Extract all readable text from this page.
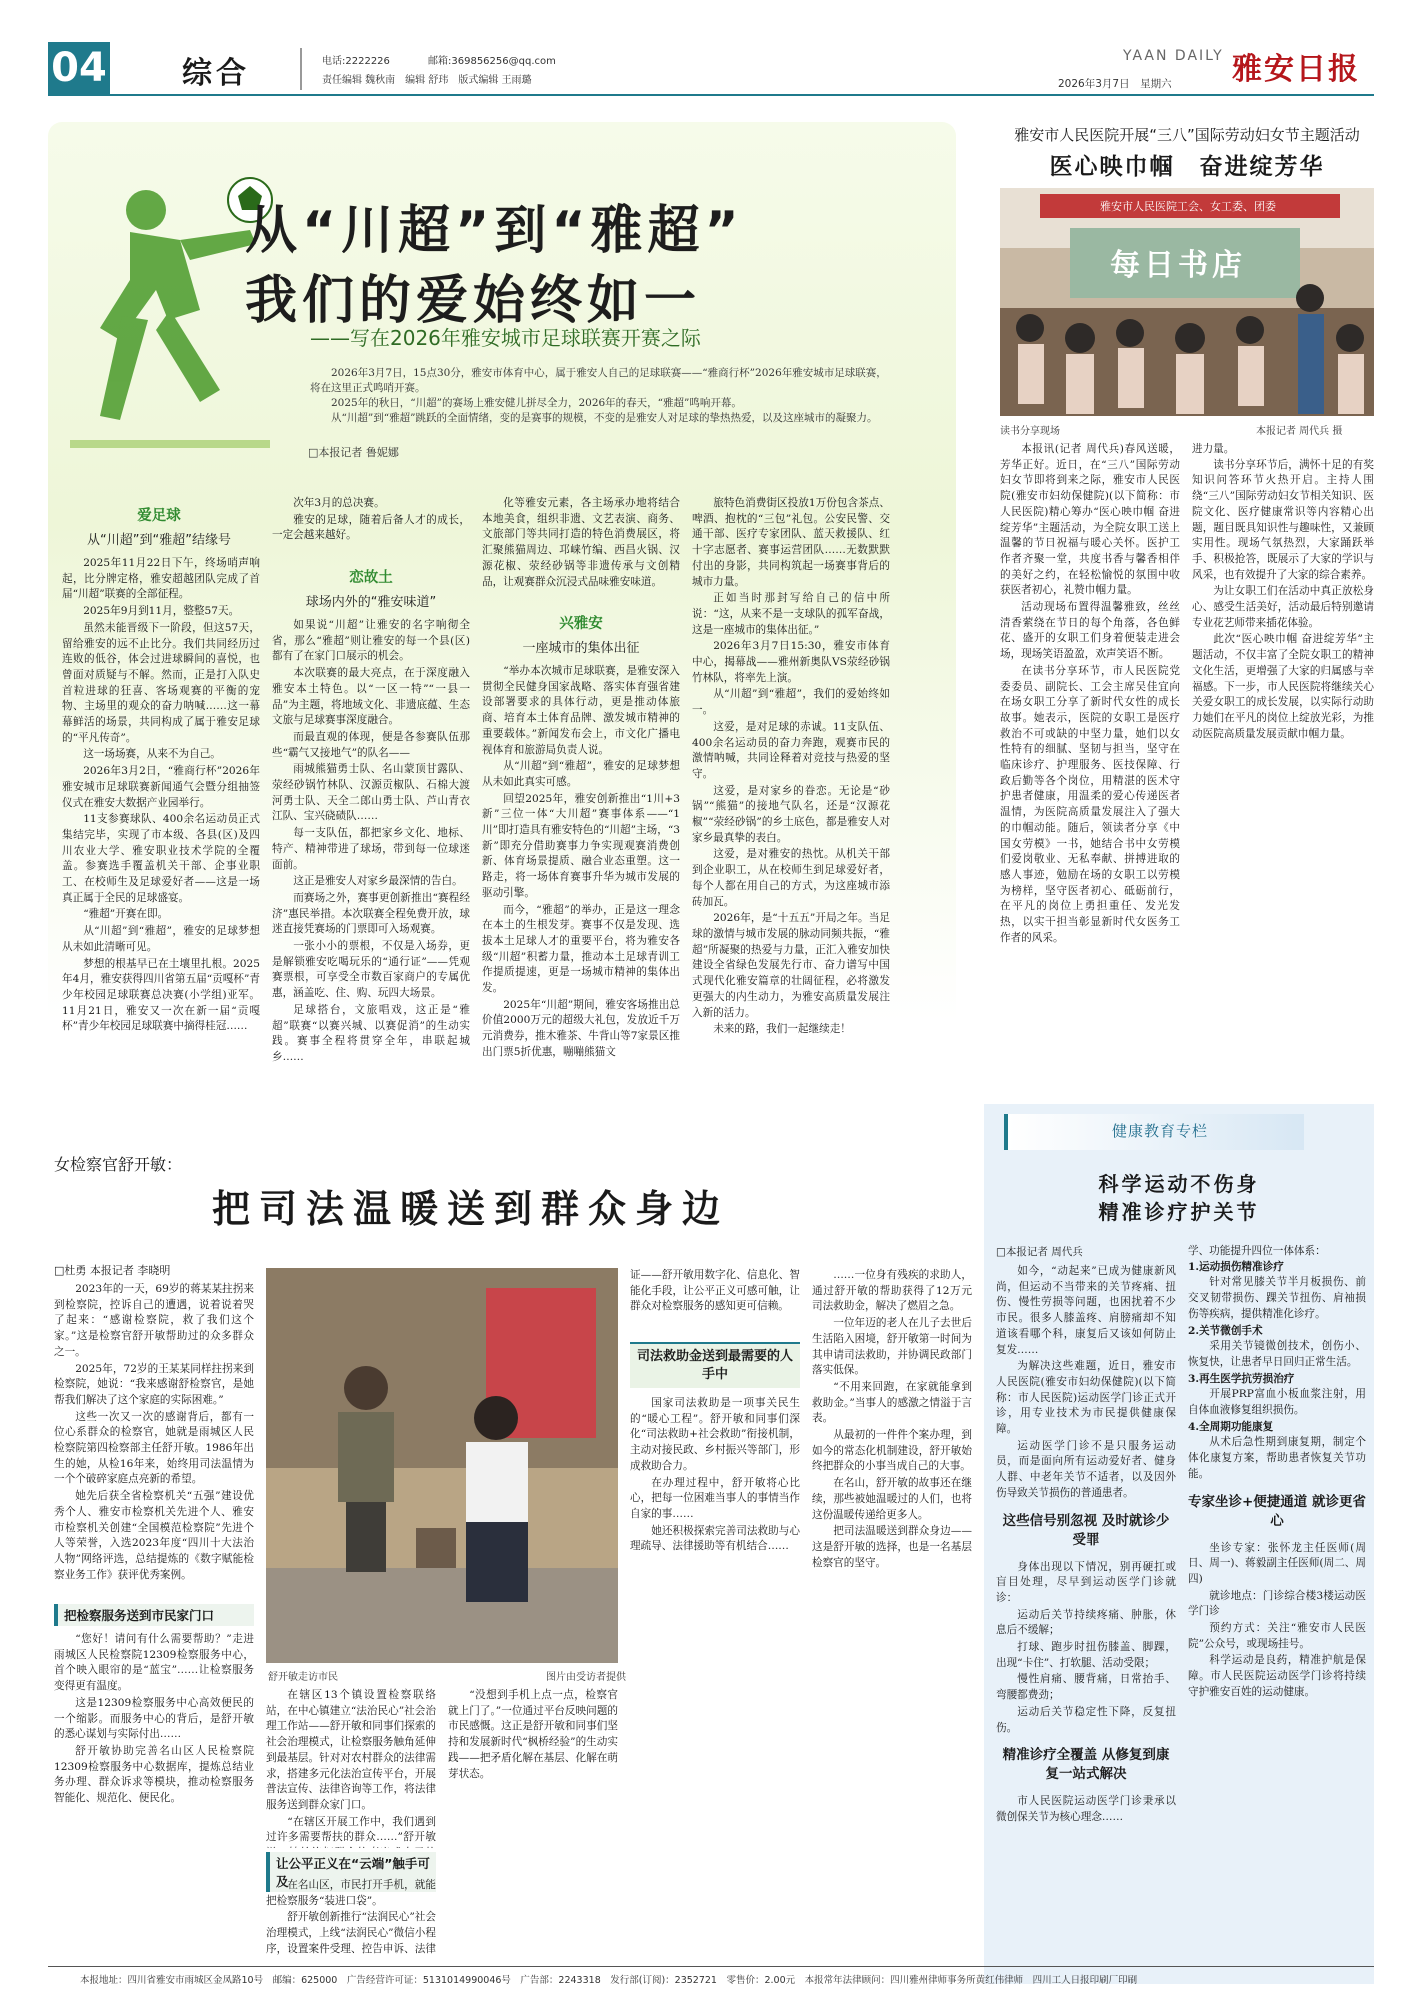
04	综合	电话:2222226	邮箱:369856256@qq.com
责任编辑 魏秋南　编辑 舒玮　版式编辑 王雨璐
YAAN DAILY
2026年3月7日　星期六 雅安日报
从“川超”到“雅超”
我们的爱始终如一
——写在2026年雅安城市足球联赛开赛之际

2026年3月7日，15点30分，雅安市体育中心，属于雅安人自己的足球联赛——“雅商行杯”2026年雅安城市足球联赛，将在这里正式鸣哨开赛。

2025年的秋日，“川超”的赛场上雅安健儿拼尽全力，2026年的春天，“雅超”鸣响开幕。

从“川超”到“雅超”跳跃的全面情绪，变的是赛事的规模，不变的是雅安人对足球的挚热热爱，以及这座城市的凝聚力。

□本报记者 鲁妮娜
爱足球
从“川超”到“雅超”结缘号

2025年11月22日下午，终场哨声响起，比分牌定格，雅安超越团队完成了首届“川超”联赛的全部征程。

2025年9月到11月，整整57天。

虽然未能晋级下一阶段，但这57天，留给雅安的远不止比分。我们共同经历过连败的低谷，体会过进球瞬间的喜悦，也曾面对质疑与不解。然而，正是打入队史首粒进球的狂喜、客场观赛的平衡的宠物、主场里的观众的奋力呐喊……这一幕幕鲜活的场景，共同构成了属于雅安足球的“平凡传奇”。

这一场场赛，从来不为自己。

2026年3月2日，“雅商行杯”2026年雅安城市足球联赛新闻通气会暨分组抽签仪式在雅安大数据产业园举行。

11支参赛球队、400余名运动员正式集结完毕，实现了市本级、各县(区)及四川农业大学、雅安职业技术学院的全覆盖。参赛选手覆盖机关干部、企事业职工、在校师生及足球爱好者——这是一场真正属于全民的足球盛宴。

“雅超”开赛在即。

从“川超”到“雅超”，雅安的足球梦想从未如此清晰可见。

梦想的根基早已在土壤里扎根。2025年4月，雅安获得四川省第五届“贡嘎杯”青少年校园足球联赛总决赛(小学组)亚军。11月21日，雅安又一次在新一届“贡嘎杯”青少年校园足球联赛中摘得桂冠……

次年3月的总决赛。

雅安的足球，随着后备人才的成长，一定会越来越好。

恋故土
球场内外的“雅安味道”

如果说“川超”让雅安的名字响彻全省，那么“雅超”则让雅安的每一个县(区)都有了在家门口展示的机会。

本次联赛的最大亮点，在于深度融入雅安本土特色。以“一区一特”“一县一品”为主题，将地域文化、非遗底蕴、生态文旅与足球赛事深度融合。

而最直观的体现，便是各参赛队伍那些“霸气又接地气”的队名——

雨城熊猫勇士队、名山蒙顶甘露队、荥经砂锅竹林队、汉源贡椒队、石棉大渡河勇士队、天全二郎山勇士队、芦山青衣江队、宝兴硗碛队……

每一支队伍，都把家乡文化、地标、特产、精神带进了球场，带到每一位球迷面前。

这正是雅安人对家乡最深情的告白。

而赛场之外，赛事更创新推出“赛程经济”惠民举措。本次联赛全程免费开放，球迷直接凭赛场的门票即可入场观赛。

一张小小的票根，不仅是入场券，更是解锁雅安吃喝玩乐的“通行证”——凭观赛票根，可享受全市数百家商户的专属优惠，涵盖吃、住、购、玩四大场景。

足球搭台，文旅唱戏，这正是“雅超”联赛“以赛兴城、以赛促消”的生动实践。赛事全程将贯穿全年，串联起城乡……

化等雅安元素，各主场承办地将结合本地美食，组织非遗、文艺表演、商务、文旅部门等共同打造的特色消费展区，将汇聚熊猫周边、邛崃竹编、西昌火锅、汉源花椒、荥经砂锅等非遗传承与文创精品，让观赛群众沉浸式品味雅安味道。

兴雅安
一座城市的集体出征

“举办本次城市足球联赛，是雅安深入贯彻全民健身国家战略、落实体育强省建设部署要求的具体行动，更是推动体旅商、培育本土体育品牌、激发城市精神的重要载体。”新闻发布会上，市文化广播电视体育和旅游局负责人说。

从“川超”到“雅超”，雅安的足球梦想从未如此真实可感。

回望2025年，雅安创新推出“1川+3新”三位一体“大川超”赛事体系——“1川”即打造具有雅安特色的“川超”主场，“3新”即充分借助赛事力争实现观赛消费创新、体育场景提质、融合业态重塑。这一路走，将一场体育赛事升华为城市发展的驱动引擎。

而今，“雅超”的举办，正是这一理念在本土的生根发芽。赛事不仅是发现、选拔本土足球人才的重要平台，将为雅安各级“川超”积蓄力量，推动本土足球青训工作提质提速，更是一场城市精神的集体出发。

2025年“川超”期间，雅安客场推出总价值2000万元的超级大礼包，发放近千万元消费券，推木雅茶、牛背山等7家景区推出门票5折优惠，嘣嘣熊猫文

旅特色消费街区投放1万份包含茶点、啤酒、抱枕的“三包”礼包。公安民警、交通干部、医疗专家团队、蓝天救援队、红十字志愿者、赛事运营团队……无数默默付出的身影，共同构筑起一场赛事背后的城市力量。

正如当时那封写给自己的信中所说：“这，从来不是一支球队的孤军奋战，这是一座城市的集体出征。”

2026年3月7日15:30，雅安市体育中心，揭幕战——雅州新奥队VS荥经砂锅竹林队，将率先上演。

从“川超”到“雅超”，我们的爱始终如一。

这爱，是对足球的赤诚。11支队伍、400余名运动员的奋力奔跑，观赛市民的激情呐喊，共同诠释着对竞技与热爱的坚守。

这爱，是对家乡的眷恋。无论是“砂锅”“熊猫”的接地气队名，还是“汉源花椒”“荥经砂锅”的乡土底色，都是雅安人对家乡最真挚的表白。

这爱，是对雅安的热忱。从机关干部到企业职工，从在校师生到足球爱好者，每个人都在用自己的方式，为这座城市添砖加瓦。

2026年，是“十五五”开局之年。当足球的激情与城市发展的脉动同频共振，“雅超”所凝聚的热爱与力量，正汇入雅安加快建设全省绿色发展先行市、奋力谱写中国式现代化雅安篇章的壮阔征程，必将激发更强大的内生动力，为雅安高质量发展注入新的活力。

未来的路，我们一起继续走！

雅安市人民医院开展“三八”国际劳动妇女节主题活动
医心映巾帼　奋进绽芳华
雅安市人民医院工会、女工委、团委
每日书店
读书分享现场	本报记者 周代兵 摄

本报讯(记者 周代兵)春风送暖，芳华正好。近日，在“三八”国际劳动妇女节即将到来之际，雅安市人民医院(雅安市妇幼保健院)(以下简称：市人民医院)精心筹办“医心映巾帼 奋进绽芳华”主题活动，为全院女职工送上温馨的节日祝福与暖心关怀。医护工作者齐聚一堂，共度书香与馨香相伴的美好之约，在轻松愉悦的氛围中收获医者初心，礼赞巾帼力量。

活动现场布置得温馨雅致，丝丝清香萦绕在节日的每个角落，各色鲜花、盛开的女职工们身着便装走进会场，现场笑语盈盈，欢声笑语不断。

在读书分享环节，市人民医院党委委员、副院长、工会主席吴佳宜向在场女职工分享了新时代女性的成长故事。她表示，医院的女职工是医疗救治不可或缺的中坚力量，她们以女性特有的细腻、坚韧与担当，坚守在临床诊疗、护理服务、医技保障、行政后勤等各个岗位，用精湛的医术守护患者健康，用温柔的爱心传递医者温情，为医院高质量发展注入了强大的巾帼动能。随后，领读者分享《中国女劳模》一书，她结合书中女劳模们爱岗敬业、无私奉献、拼搏进取的感人事迹，勉励在场的女职工以劳模为榜样，坚守医者初心、砥砺前行，在平凡的岗位上勇担重任、发光发热，以实干担当彰显新时代女医务工作者的风采。

进力量。

读书分享环节后，满怀十足的有奖知识问答环节火热开启。主持人围绕“三八”国际劳动妇女节相关知识、医院文化、医疗健康常识等内容精心出题，题目既具知识性与趣味性，又兼顾实用性。现场气氛热烈，大家踊跃举手、积极抢答，既展示了大家的学识与风采，也有效提升了大家的综合素养。

为让女职工们在活动中真正放松身心、感受生活美好，活动最后特别邀请专业花艺师带来插花体验。

此次“医心映巾帼 奋进绽芳华”主题活动，不仅丰富了全院女职工的精神文化生活，更增强了大家的归属感与幸福感。下一步，市人民医院将继续关心关爱女职工的成长发展，以实际行动助力她们在平凡的岗位上绽放光彩，为推动医院高质量发展贡献巾帼力量。

健康教育专栏
科学运动不伤身
精准诊疗护关节
□本报记者 周代兵

如今，“动起来”已成为健康新风尚，但运动不当带来的关节疼痛、扭伤、慢性劳损等问题，也困扰着不少市民。很多人膝盖疼、肩膀痛却不知道该看哪个科，康复后又该如何防止复发……

为解决这些难题，近日，雅安市人民医院(雅安市妇幼保健院)(以下简称：市人民医院)运动医学门诊正式开诊，用专业技术为市民提供健康保障。

运动医学门诊不是只服务运动员，而是面向所有运动爱好者、健身人群、中老年关节不适者，以及因外伤导致关节损伤的普通患者。

这些信号别忽视 及时就诊少受罪

身体出现以下情况，别再硬扛或盲目处理，尽早到运动医学门诊就诊：

运动后关节持续疼痛、肿胀，休息后不缓解；

打球、跑步时扭伤膝盖、脚踝，出现“卡住”、打软腿、活动受限；

慢性肩痛、腰背痛，日常抬手、弯腰都费劲；

运动后关节稳定性下降，反复扭伤。

精准诊疗全覆盖 从修复到康复一站式解决

市人民医院运动医学门诊秉承以微创保关节为核心理念……

学、功能提升四位一体体系：

1.运动损伤精准诊疗

针对常见膝关节半月板损伤、前交叉韧带损伤、踝关节扭伤、肩袖损伤等疾病，提供精准化诊疗。

2.关节微创手术

采用关节镜微创技术，创伤小、恢复快，让患者早日回归正常生活。

3.再生医学抗劳损治疗

开展PRP富血小板血浆注射，用自体血液修复组织损伤。

4.全周期功能康复

从术后急性期到康复期，制定个体化康复方案，帮助患者恢复关节功能。

专家坐诊+便捷通道 就诊更省心

坐诊专家：张怀龙主任医师(周日、周一)、蒋毅副主任医师(周二、周四)

就诊地点：门诊综合楼3楼运动医学门诊

预约方式：关注“雅安市人民医院”公众号，或现场挂号。

科学运动是良药，精准护航是保障。市人民医院运动医学门诊将持续守护雅安百姓的运动健康。

女检察官舒开敏：
把司法温暖送到群众身边
□杜勇 本报记者 李晓明

2023年的一天，69岁的蒋某某拄拐来到检察院，控诉自己的遭遇，说着说着哭了起来：“感谢检察院，救了我们这个家。”这是检察官舒开敏帮助过的众多群众之一。

2025年，72岁的王某某同样拄拐来到检察院，她说：“我来感谢舒检察官，是她帮我们解决了这个家庭的实际困难。”

这些一次又一次的感谢背后，都有一位心系群众的检察官，她就是雨城区人民检察院第四检察部主任舒开敏。1986年出生的她，从检16年来，始终用司法温情为一个个破碎家庭点亮新的希望。

她先后获全省检察机关“五强”建设优秀个人、雅安市检察机关先进个人、雅安市检察机关创建“全国模范检察院”先进个人等荣誉，入选2023年度“四川十大法治人物”网络评选，总结提炼的《数字赋能检察业务工作》获评优秀案例。

把检察服务送到市民家门口

“您好！请问有什么需要帮助？”走进雨城区人民检察院12309检察服务中心，首个映入眼帘的是“蓝宝”……让检察服务变得更有温度。

这是12309检察服务中心高效便民的一个缩影。而服务中心的背后，是舒开敏的悉心谋划与实际付出……

舒开敏协助完善名山区人民检察院12309检察服务中心数据库，提炼总结业务办理、群众诉求等模块，推动检察服务智能化、规范化、便民化。

舒开敏走访市民	图片由受访者提供

在辖区13个镇设置检察联络站，在中心镇建立“法治民心”社会治理工作站——舒开敏和同事们探索的社会治理模式，让检察服务触角延伸到最基层。针对对农村群众的法律需求，搭建多元化法治宣传平台，开展普法宣传、法律咨询等工作，将法律服务送到群众家门口。

“在辖区开展工作中，我们遇到过许多需要帮扶的群众……”舒开敏

让公平正义在“云端”触手可及

在名山区，市民打开手机，就能把检察服务“装进口袋”。

舒开敏创新推行“法润民心”社会治理模式，上线“法润民心”微信小程序，设置案件受理、控告申诉、法律

“没想到手机上点一点，检察官就上门了。”一位通过平台反映问题的市民感慨。这正是舒开敏和同事们坚持和发展新时代“枫桥经验”的生动实践——把矛盾化解在基层、化解在萌芽状态。

证——舒开敏用数字化、信息化、智能化手段，让公平正义可感可触，让群众对检察服务的感知更可信赖。

司法救助金送到最需要的人手中

国家司法救助是一项事关民生的“暖心工程”。舒开敏和同事们深化“司法救助+社会救助”衔接机制，主动对接民政、乡村振兴等部门，形成救助合力。

在办理过程中，舒开敏将心比心，把每一位困难当事人的事情当作自家的事……

她还积极探索完善司法救助与心理疏导、法律援助等有机结合……

……一位身有残疾的求助人，通过舒开敏的帮助获得了12万元司法救助金，解决了燃眉之急。

一位年迈的老人在儿子去世后生活陷入困境，舒开敏第一时间为其申请司法救助，并协调民政部门落实低保。

“不用来回跑，在家就能拿到救助金。”当事人的感激之情溢于言表。

从最初的一件件个案办理，到如今的常态化机制建设，舒开敏始终把群众的小事当成自己的大事。

在名山，舒开敏的故事还在继续，那些被她温暖过的人们，也将这份温暖传递给更多人。

把司法温暖送到群众身边——这是舒开敏的选择，也是一名基层检察官的坚守。

本报地址：四川省雅安市雨城区金凤路10号　邮编：625000　广告经营许可证：5131014990046号　广告部：2243318　发行部(订阅)：2352721　零售价：2.00元　本报常年法律顾问：四川雅州律师事务所黄红伟律师　四川工人日报印刷厂印刷
